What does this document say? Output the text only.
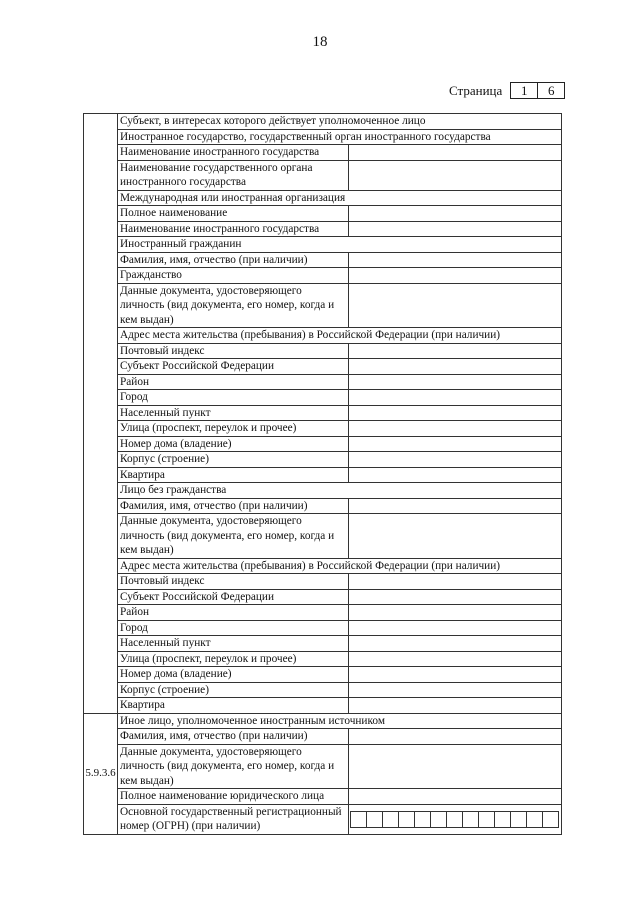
18
Страница	1	6
	Субъект, в интересах которого действует уполномоченное лицо	
	Иностранное государство, государственный орган иностранного государства	
	Наименование иностранного государства	
	Наименование государственного органа иностранного государства	
	Международная или иностранная организация	
	Полное наименование	
	Наименование иностранного государства	
	Иностранный гражданин	
	Фамилия, имя, отчество (при наличии)	
	Гражданство	
	Данные документа, удостоверяющего личность (вид документа, его номер, когда и кем выдан)	
	Адрес места жительства (пребывания) в Российской Федерации (при наличии)	
	Почтовый индекс	
	Субъект Российской Федерации	
	Район	
	Город	
	Населенный пункт	
	Улица (проспект, переулок и прочее)	
	Номер дома (владение)	
	Корпус (строение)	
	Квартира	
	Лицо без гражданства	
	Фамилия, имя, отчество (при наличии)	
	Данные документа, удостоверяющего личность (вид документа, его номер, когда и кем выдан)	
	Адрес места жительства (пребывания) в Российской Федерации (при наличии)	
	Почтовый индекс	
	Субъект Российской Федерации	
	Район	
	Город	
	Населенный пункт	
	Улица (проспект, переулок и прочее)	
	Номер дома (владение)	
	Корпус (строение)	
	Квартира	
5.9.3.6	Иное лицо, уполномоченное иностранным источником	
	Фамилия, имя, отчество (при наличии)	
	Данные документа, удостоверяющего личность (вид документа, его номер, когда и кем выдан)	
	Полное наименование юридического лица	
	Основной государственный регистрационный номер (ОГРН) (при наличии)	
